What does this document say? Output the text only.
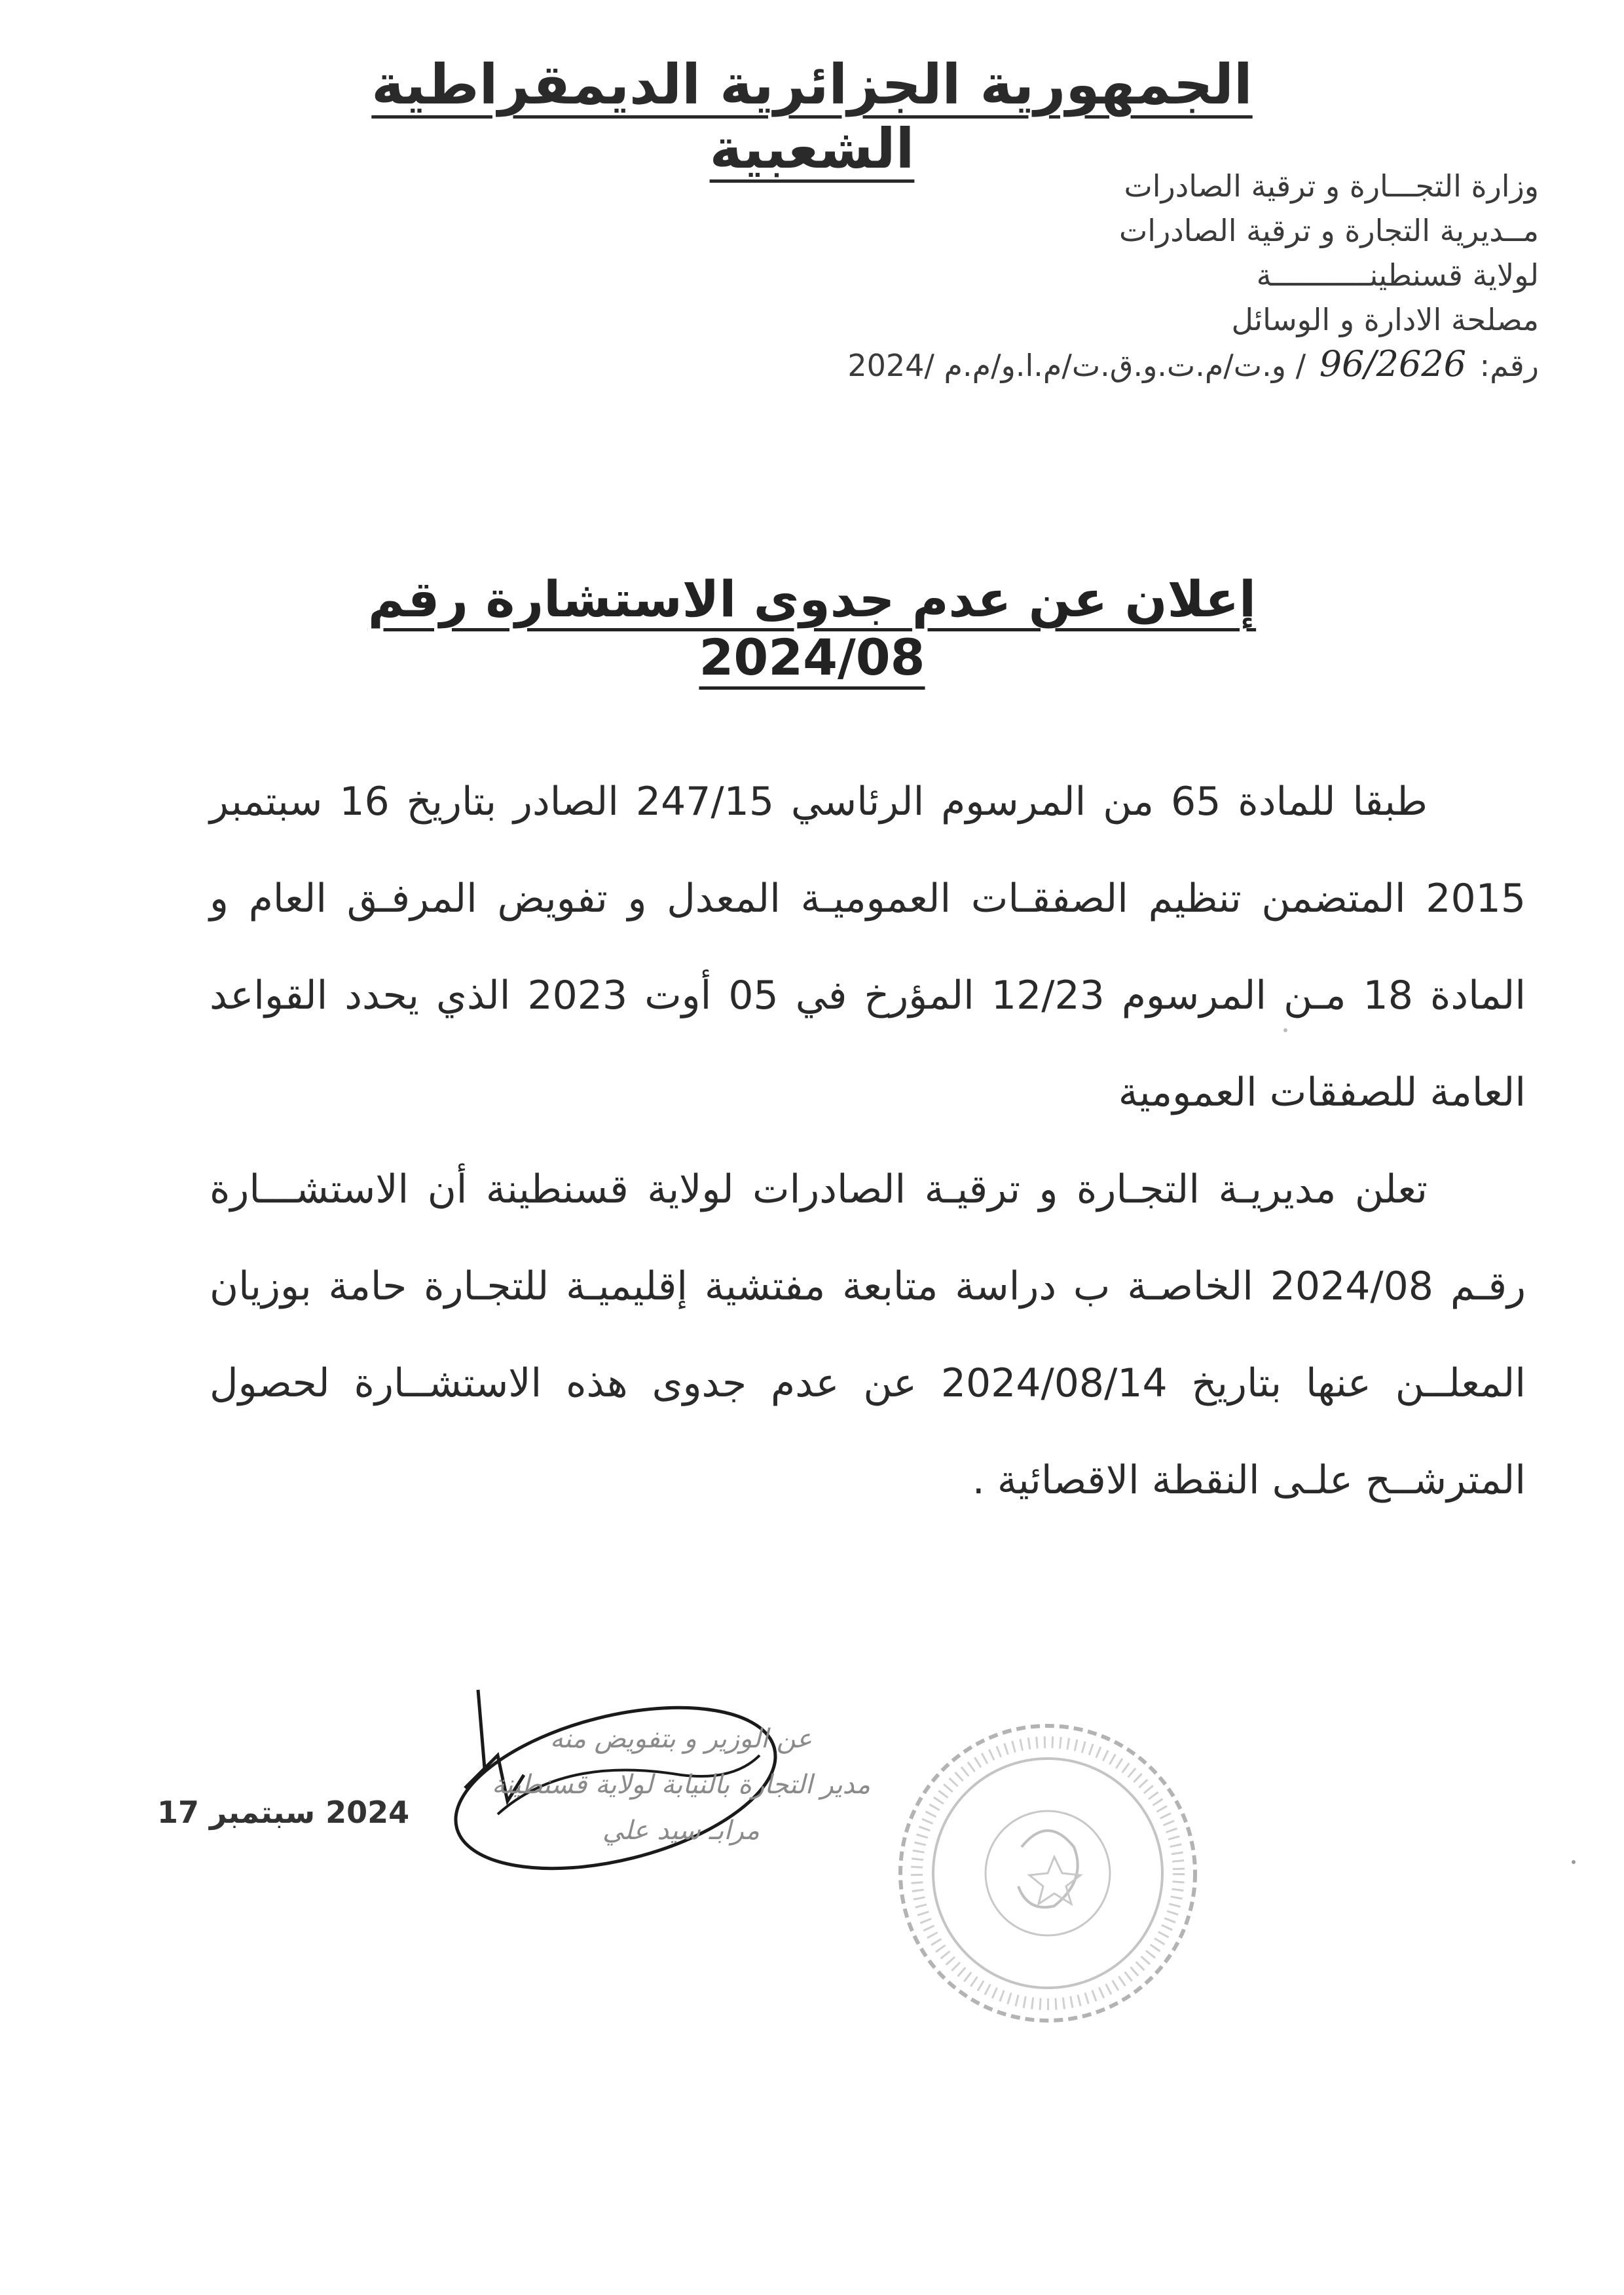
الجمهورية الجزائرية الديمقراطية الشعبية
وزارة التجـــارة و ترقية الصادرات
مــديرية التجارة و ترقية الصادرات
لولاية قسنطينـــــــــــة
مصلحة الادارة و الوسائل
رقم: 96/2626 / و.ت/م.ت.و.ق.ت/م.ا.و/م.م /2024
إعلان عن عدم جدوى الاستشارة رقم 2024/08

طبقا للمادة 65 من المرسوم الرئاسي 247/15 الصادر بتاريخ 16 سبتمبر 2015 المتضمن تنظيم الصفقـات العموميـة المعدل و تفويض المرفـق العام و المادة 18 مـن المرسوم 12/23 المؤرخ في 05 أوت 2023 الذي يحدد القواعد العامة للصفقات العمومية

تعلن مديريـة التجـارة و ترقيـة الصادرات لولاية قسنطينة أن الاستشـــارة رقـم 2024/08 الخاصـة ب دراسة متابعة مفتشية إقليميـة للتجـارة حامة بوزيان المعلــن عنها بتاريخ 2024/08/14 عن عدم جدوى هذه الاستشــارة لحصول المترشــح علـى النقطة الاقصائية .

2024 سبتمبر 17
عن الوزير و بتفويض منه
مدير التجارة بالنيابة لولاية قسنطينة
مرابـ سيد علي
